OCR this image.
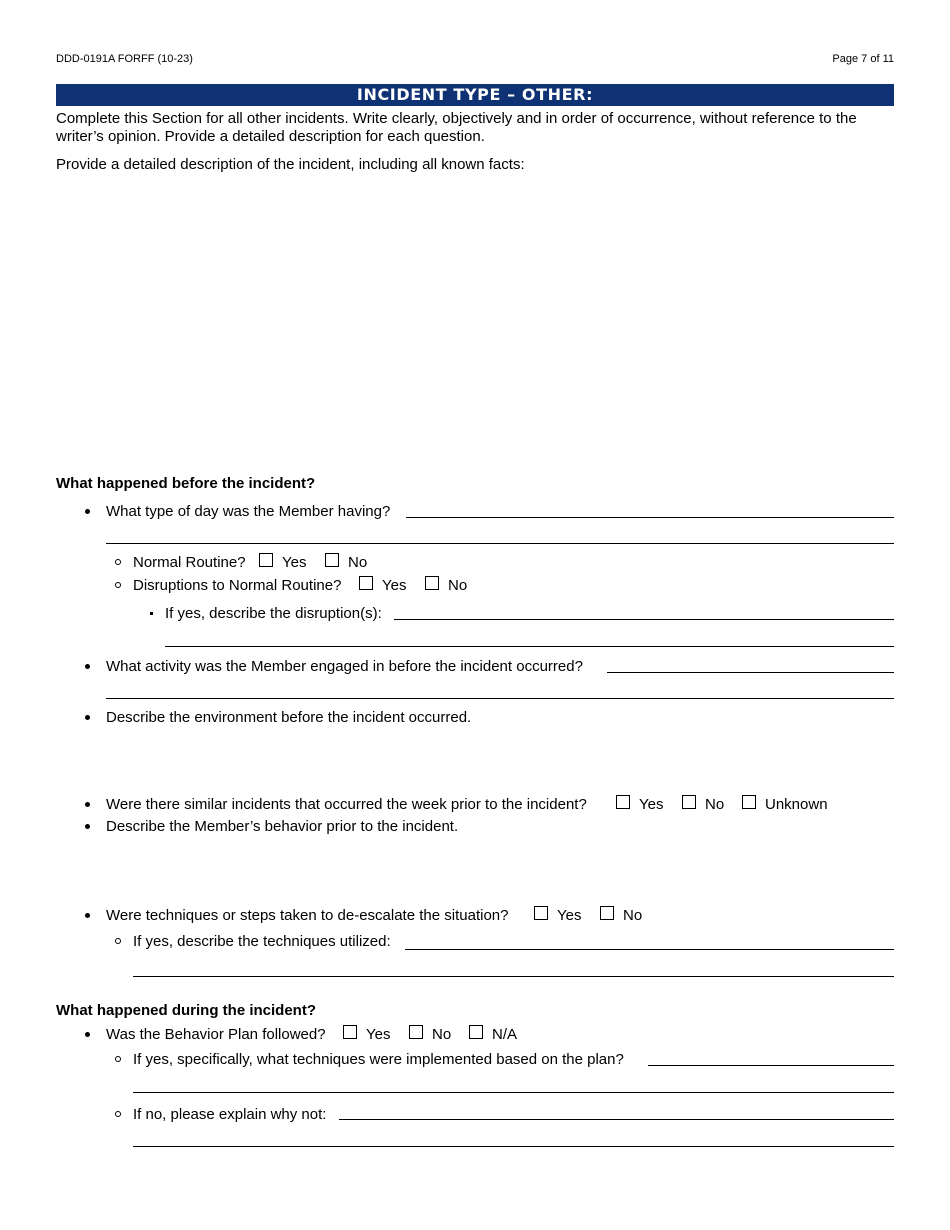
DDD-0191A FORFF (10-23)	Page 7 of 11
INCIDENT TYPE – OTHER:
Complete this Section for all other incidents. Write clearly, objectively and in order of occurrence, without reference to the writer’s opinion. Provide a detailed description for each question.
Provide a detailed description of the incident, including all known facts:
What happened before the incident?
What type of day was the Member having?
Normal Routine? Yes	No
Disruptions to Normal Routine?	Yes	No
If yes, describe the disruption(s):
What activity was the Member engaged in before the incident occurred?
Describe the environment before the incident occurred.
Were there similar incidents that occurred the week prior to the incident?	Yes	No	Unknown
Describe the Member’s behavior prior to the incident.
Were techniques or steps taken to de-escalate the situation?	Yes	No
If yes, describe the techniques utilized:
What happened during the incident?
Was the Behavior Plan followed?	Yes	No	N/A
If yes, specifically, what techniques were implemented based on the plan?
If no, please explain why not:
